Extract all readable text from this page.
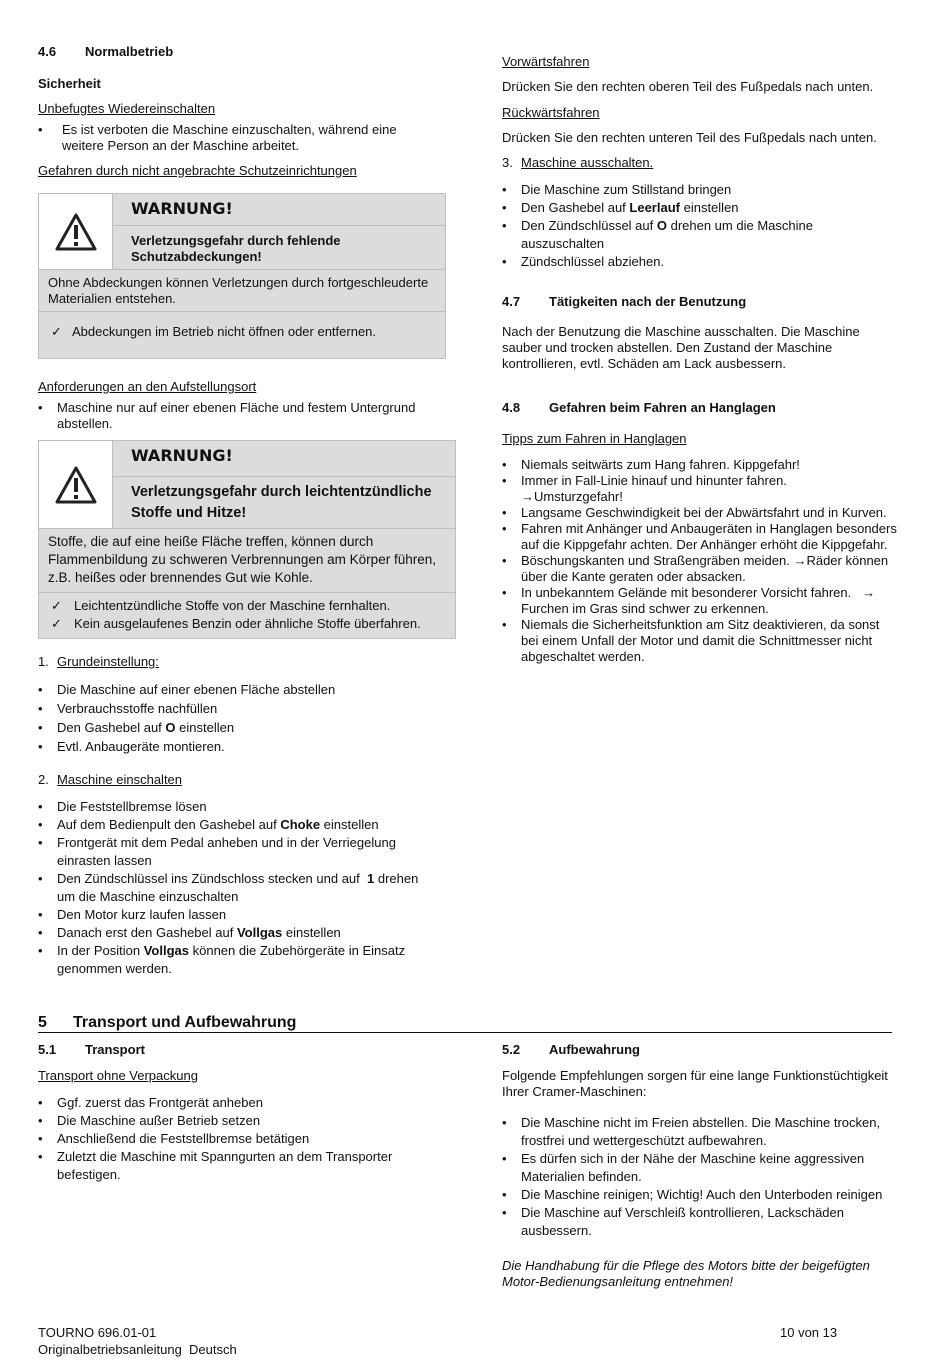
4.6 Normalbetrieb
Sicherheit
Unbefugtes Wiedereinschalten
• Es ist verboten die Maschine einzuschalten, während eine weitere Person an der Maschine arbeitet.
Gefahren durch nicht angebrachte Schutzeinrichtungen
WARNUNG!
Verletzungsgefahr durch fehlende Schutzabdeckungen!
Ohne Abdeckungen können Verletzungen durch fortgeschleuderte Materialien entstehen.
✓ Abdeckungen im Betrieb nicht öffnen oder entfernen.
Anforderungen an den Aufstellungsort
• Maschine nur auf einer ebenen Fläche und festem Untergrund abstellen.
WARNUNG!
Verletzungsgefahr durch leichtentzündliche Stoffe und Hitze!
Stoffe, die auf eine heiße Fläche treffen, können durch Flammenbildung zu schweren Verbrennungen am Körper führen, z.B. heißes oder brennendes Gut wie Kohle.
✓ Leichtentzündliche Stoffe von der Maschine fernhalten.
✓ Kein ausgelaufenes Benzin oder ähnliche Stoffe überfahren.
1. Grundeinstellung:
• Die Maschine auf einer ebenen Fläche abstellen
• Verbrauchsstoffe nachfüllen
• Den Gashebel auf O einstellen
• Evtl. Anbaugeräte montieren.
2. Maschine einschalten
• Die Feststellbremse lösen
• Auf dem Bedienpult den Gashebel auf Choke einstellen
• Frontgerät mit dem Pedal anheben und in der Verriegelung einrasten lassen
• Den Zündschlüssel ins Zündschloss stecken und auf  1 drehen um die Maschine einzuschalten
• Den Motor kurz laufen lassen
• Danach erst den Gashebel auf Vollgas einstellen
• In der Position Vollgas können die Zubehörgeräte in Einsatz genommen werden.
Vorwärtsfahren
Drücken Sie den rechten oberen Teil des Fußpedals nach unten.
Rückwärtsfahren
Drücken Sie den rechten unteren Teil des Fußpedals nach unten.
3. Maschine ausschalten.
• Die Maschine zum Stillstand bringen
• Den Gashebel auf Leerlauf einstellen
• Den Zündschlüssel auf O drehen um die Maschine auszuschalten
• Zündschlüssel abziehen.
4.7 Tätigkeiten nach der Benutzung
Nach der Benutzung die Maschine ausschalten. Die Maschine sauber und trocken abstellen. Den Zustand der Maschine kontrollieren, evtl. Schäden am Lack ausbessern.
4.8 Gefahren beim Fahren an Hanglagen
Tipps zum Fahren in Hanglagen
• Niemals seitwärts zum Hang fahren. Kippgefahr!
• Immer in Fall-Linie hinauf und hinunter fahren. →Umsturzgefahr!
• Langsame Geschwindigkeit bei der Abwärtsfahrt und in Kurven.
• Fahren mit Anhänger und Anbaugeräten in Hanglagen besonders auf die Kippgefahr achten. Der Anhänger erhöht die Kippgefahr.
• Böschungskanten und Straßengräben meiden. →Räder können über die Kante geraten oder absacken.
• In unbekanntem Gelände mit besonderer Vorsicht fahren.   → Furchen im Gras sind schwer zu erkennen.
• Niemals die Sicherheitsfunktion am Sitz deaktivieren, da sonst bei einem Unfall der Motor und damit die Schnittmesser nicht abgeschaltet werden.
5 Transport und Aufbewahrung
5.1 Transport
Transport ohne Verpackung
• Ggf. zuerst das Frontgerät anheben
• Die Maschine außer Betrieb setzen
• Anschließend die Feststellbremse betätigen
• Zuletzt die Maschine mit Spanngurten an dem Transporter befestigen.
5.2 Aufbewahrung
Folgende Empfehlungen sorgen für eine lange Funktionstüchtigkeit Ihrer Cramer-Maschinen:
• Die Maschine nicht im Freien abstellen. Die Maschine trocken, frostfrei und wettergeschützt aufbewahren.
• Es dürfen sich in der Nähe der Maschine keine aggressiven Materialien befinden.
• Die Maschine reinigen; Wichtig! Auch den Unterboden reinigen
• Die Maschine auf Verschleiß kontrollieren, Lackschäden ausbessern.
Die Handhabung für die Pflege des Motors bitte der beigefügten Motor-Bedienungsanleitung entnehmen!
TOURNO 696.01-01
Originalbetriebsanleitung  Deutsch
10 von 13
